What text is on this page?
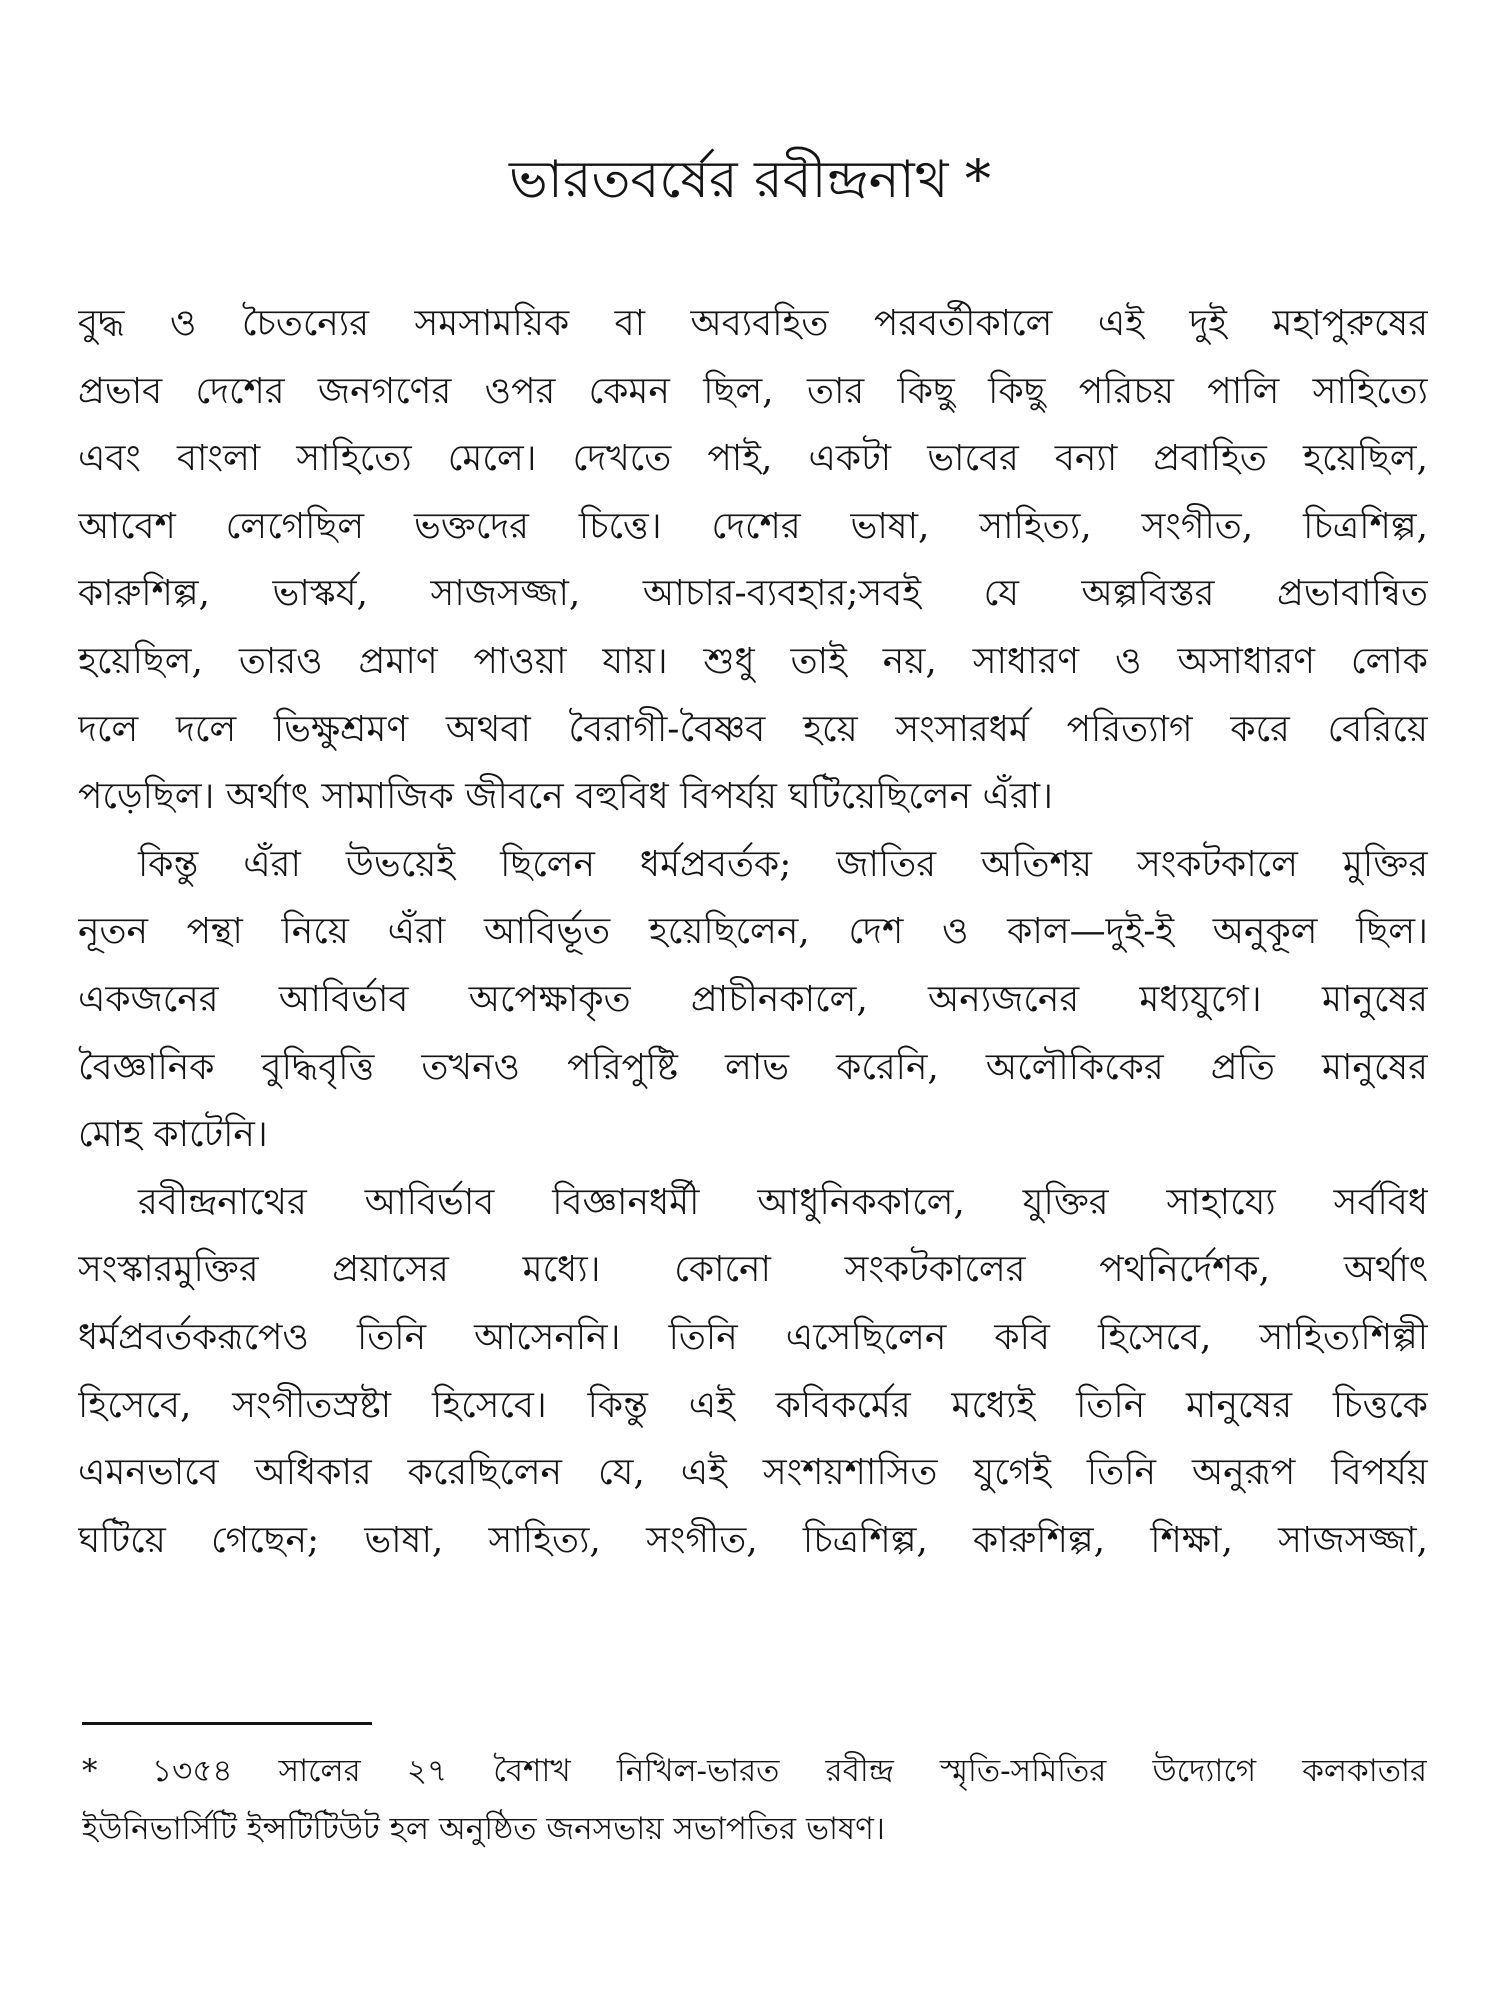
ভারতবর্ষের রবীন্দ্রনাথ *
বুদ্ধ ও চৈতন্যের সমসাময়িক বা অব্যবহিত পরবর্তীকালে এই দুই মহাপুরুষের
প্রভাব দেশের জনগণের ওপর কেমন ছিল, তার কিছু কিছু পরিচয় পালি সাহিত্যে
এবং বাংলা সাহিত্যে মেলে। দেখতে পাই, একটা ভাবের বন্যা প্রবাহিত হয়েছিল,
আবেশ লেগেছিল ভক্তদের চিত্তে। দেশের ভাষা, সাহিত্য, সংগীত, চিত্রশিল্প,
কারুশিল্প, ভাস্কর্য, সাজসজ্জা, আচার-ব্যবহার;সবই যে অল্পবিস্তর প্রভাবান্বিত
হয়েছিল, তারও প্রমাণ পাওয়া যায়। শুধু তাই নয়, সাধারণ ও অসাধারণ লোক
দলে দলে ভিক্ষুশ্রমণ অথবা বৈরাগী-বৈষ্ণব হয়ে সংসারধর্ম পরিত্যাগ করে বেরিয়ে
পড়েছিল। অর্থাৎ সামাজিক জীবনে বহুবিধ বিপর্যয় ঘটিয়েছিলেন এঁরা।
কিন্তু এঁরা উভয়েই ছিলেন ধর্মপ্রবর্তক; জাতির অতিশয় সংকটকালে মুক্তির
নূতন পন্থা নিয়ে এঁরা আবির্ভূত হয়েছিলেন, দেশ ও কাল—দুই-ই অনুকূল ছিল।
একজনের আবির্ভাব অপেক্ষাকৃত প্রাচীনকালে, অন্যজনের মধ্যযুগে। মানুষের
বৈজ্ঞানিক বুদ্ধিবৃত্তি তখনও পরিপুষ্টি লাভ করেনি, অলৌকিকের প্রতি মানুষের
মোহ কাটেনি।
রবীন্দ্রনাথের আবির্ভাব বিজ্ঞানধর্মী আধুনিককালে, যুক্তির সাহায্যে সর্ববিধ
সংস্কারমুক্তির প্রয়াসের মধ্যে। কোনো সংকটকালের পথনির্দেশক, অর্থাৎ
ধর্মপ্রবর্তকরূপেও তিনি আসেননি। তিনি এসেছিলেন কবি হিসেবে, সাহিত্যশিল্পী
হিসেবে, সংগীতস্রষ্টা হিসেবে। কিন্তু এই কবিকর্মের মধ্যেই তিনি মানুষের চিত্তকে
এমনভাবে অধিকার করেছিলেন যে, এই সংশয়শাসিত যুগেই তিনি অনুরূপ বিপর্যয়
ঘটিয়ে গেছেন; ভাষা, সাহিত্য, সংগীত, চিত্রশিল্প, কারুশিল্প, শিক্ষা, সাজসজ্জা,
* ১৩৫৪ সালের ২৭ বৈশাখ নিখিল-ভারত রবীন্দ্র স্মৃতি-সমিতির উদ্যোগে কলকাতার
ইউনিভার্সিটি ইন্সটিটিউট হল অনুষ্ঠিত জনসভায় সভাপতির ভাষণ।
